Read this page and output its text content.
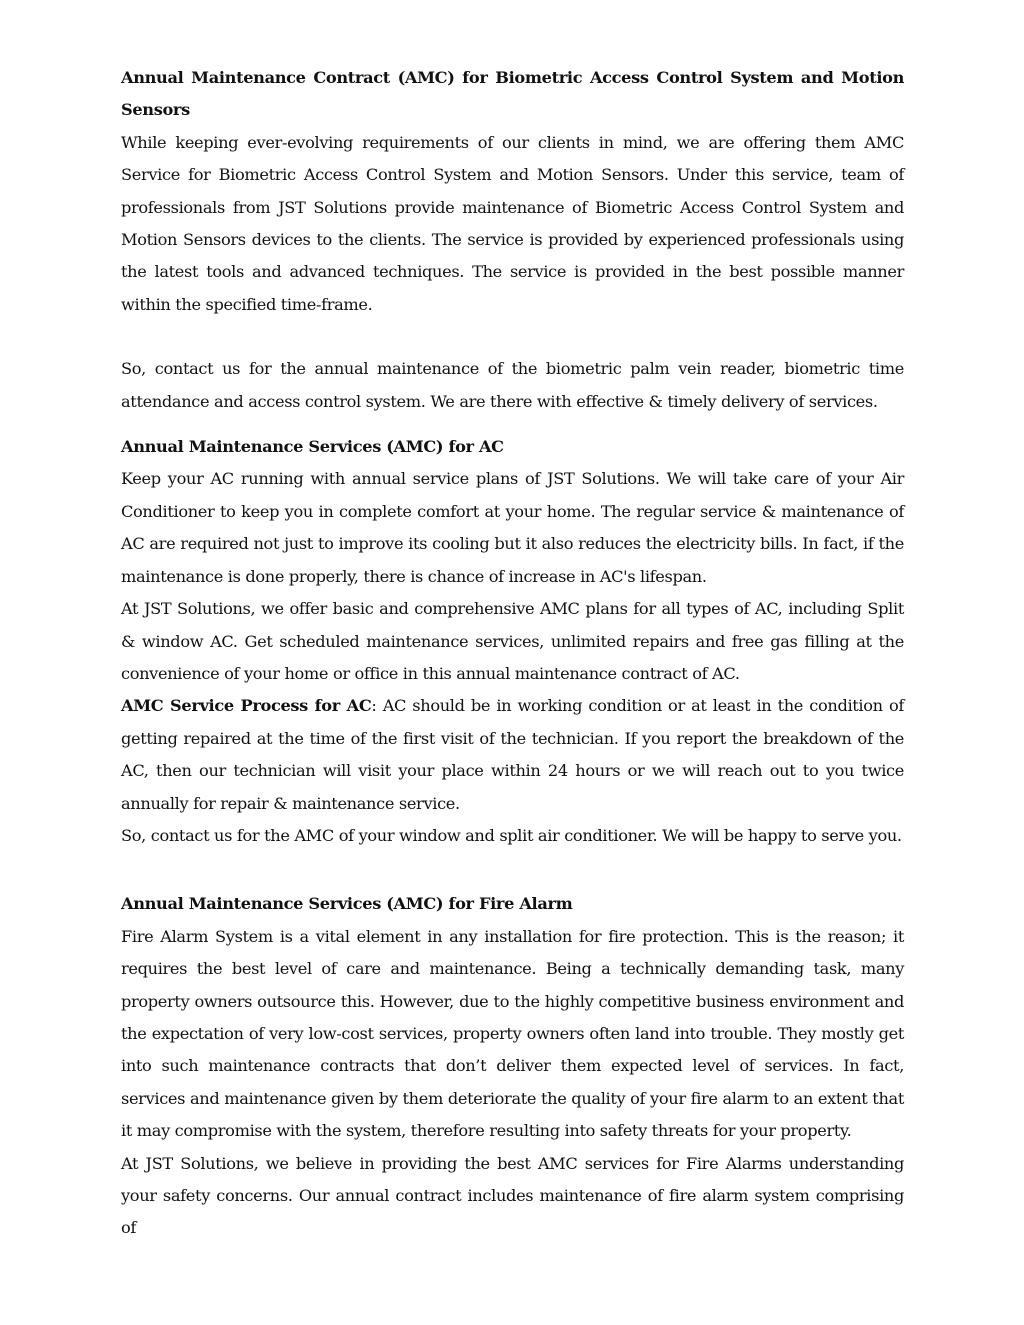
Annual Maintenance Contract (AMC) for Biometric Access Control System and Motion Sensors

While keeping ever-evolving requirements of our clients in mind, we are offering them AMC Service for Biometric Access Control System and Motion Sensors. Under this service, team of professionals from JST Solutions provide maintenance of Biometric Access Control System and Motion Sensors devices to the clients. The service is provided by experienced professionals using the latest tools and advanced techniques. The service is provided in the best possible manner within the specified time-frame.

So, contact us for the annual maintenance of the biometric palm vein reader, biometric time attendance and access control system. We are there with effective & timely delivery of services.

Annual Maintenance Services (AMC) for AC

Keep your AC running with annual service plans of JST Solutions. We will take care of your Air Conditioner to keep you in complete comfort at your home. The regular service & maintenance of AC are required not just to improve its cooling but it also reduces the electricity bills. In fact, if the maintenance is done properly, there is chance of increase in AC's lifespan.

At JST Solutions, we offer basic and comprehensive AMC plans for all types of AC, including Split & window AC. Get scheduled maintenance services, unlimited repairs and free gas filling at the convenience of your home or office in this annual maintenance contract of AC.

AMC Service Process for AC: AC should be in working condition or at least in the condition of getting repaired at the time of the first visit of the technician. If you report the breakdown of the AC, then our technician will visit your place within 24 hours or we will reach out to you twice annually for repair & maintenance service.

So, contact us for the AMC of your window and split air conditioner. We will be happy to serve you.

Annual Maintenance Services (AMC) for Fire Alarm

Fire Alarm System is a vital element in any installation for fire protection. This is the reason; it requires the best level of care and maintenance. Being a technically demanding task, many property owners outsource this. However, due to the highly competitive business environment and the expectation of very low-cost services, property owners often land into trouble. They mostly get into such maintenance contracts that don’t deliver them expected level of services. In fact, services and maintenance given by them deteriorate the quality of your fire alarm to an extent that it may compromise with the system, therefore resulting into safety threats for your property.

At JST Solutions, we believe in providing the best AMC services for Fire Alarms understanding your safety concerns. Our annual contract includes maintenance of fire alarm system comprising of
